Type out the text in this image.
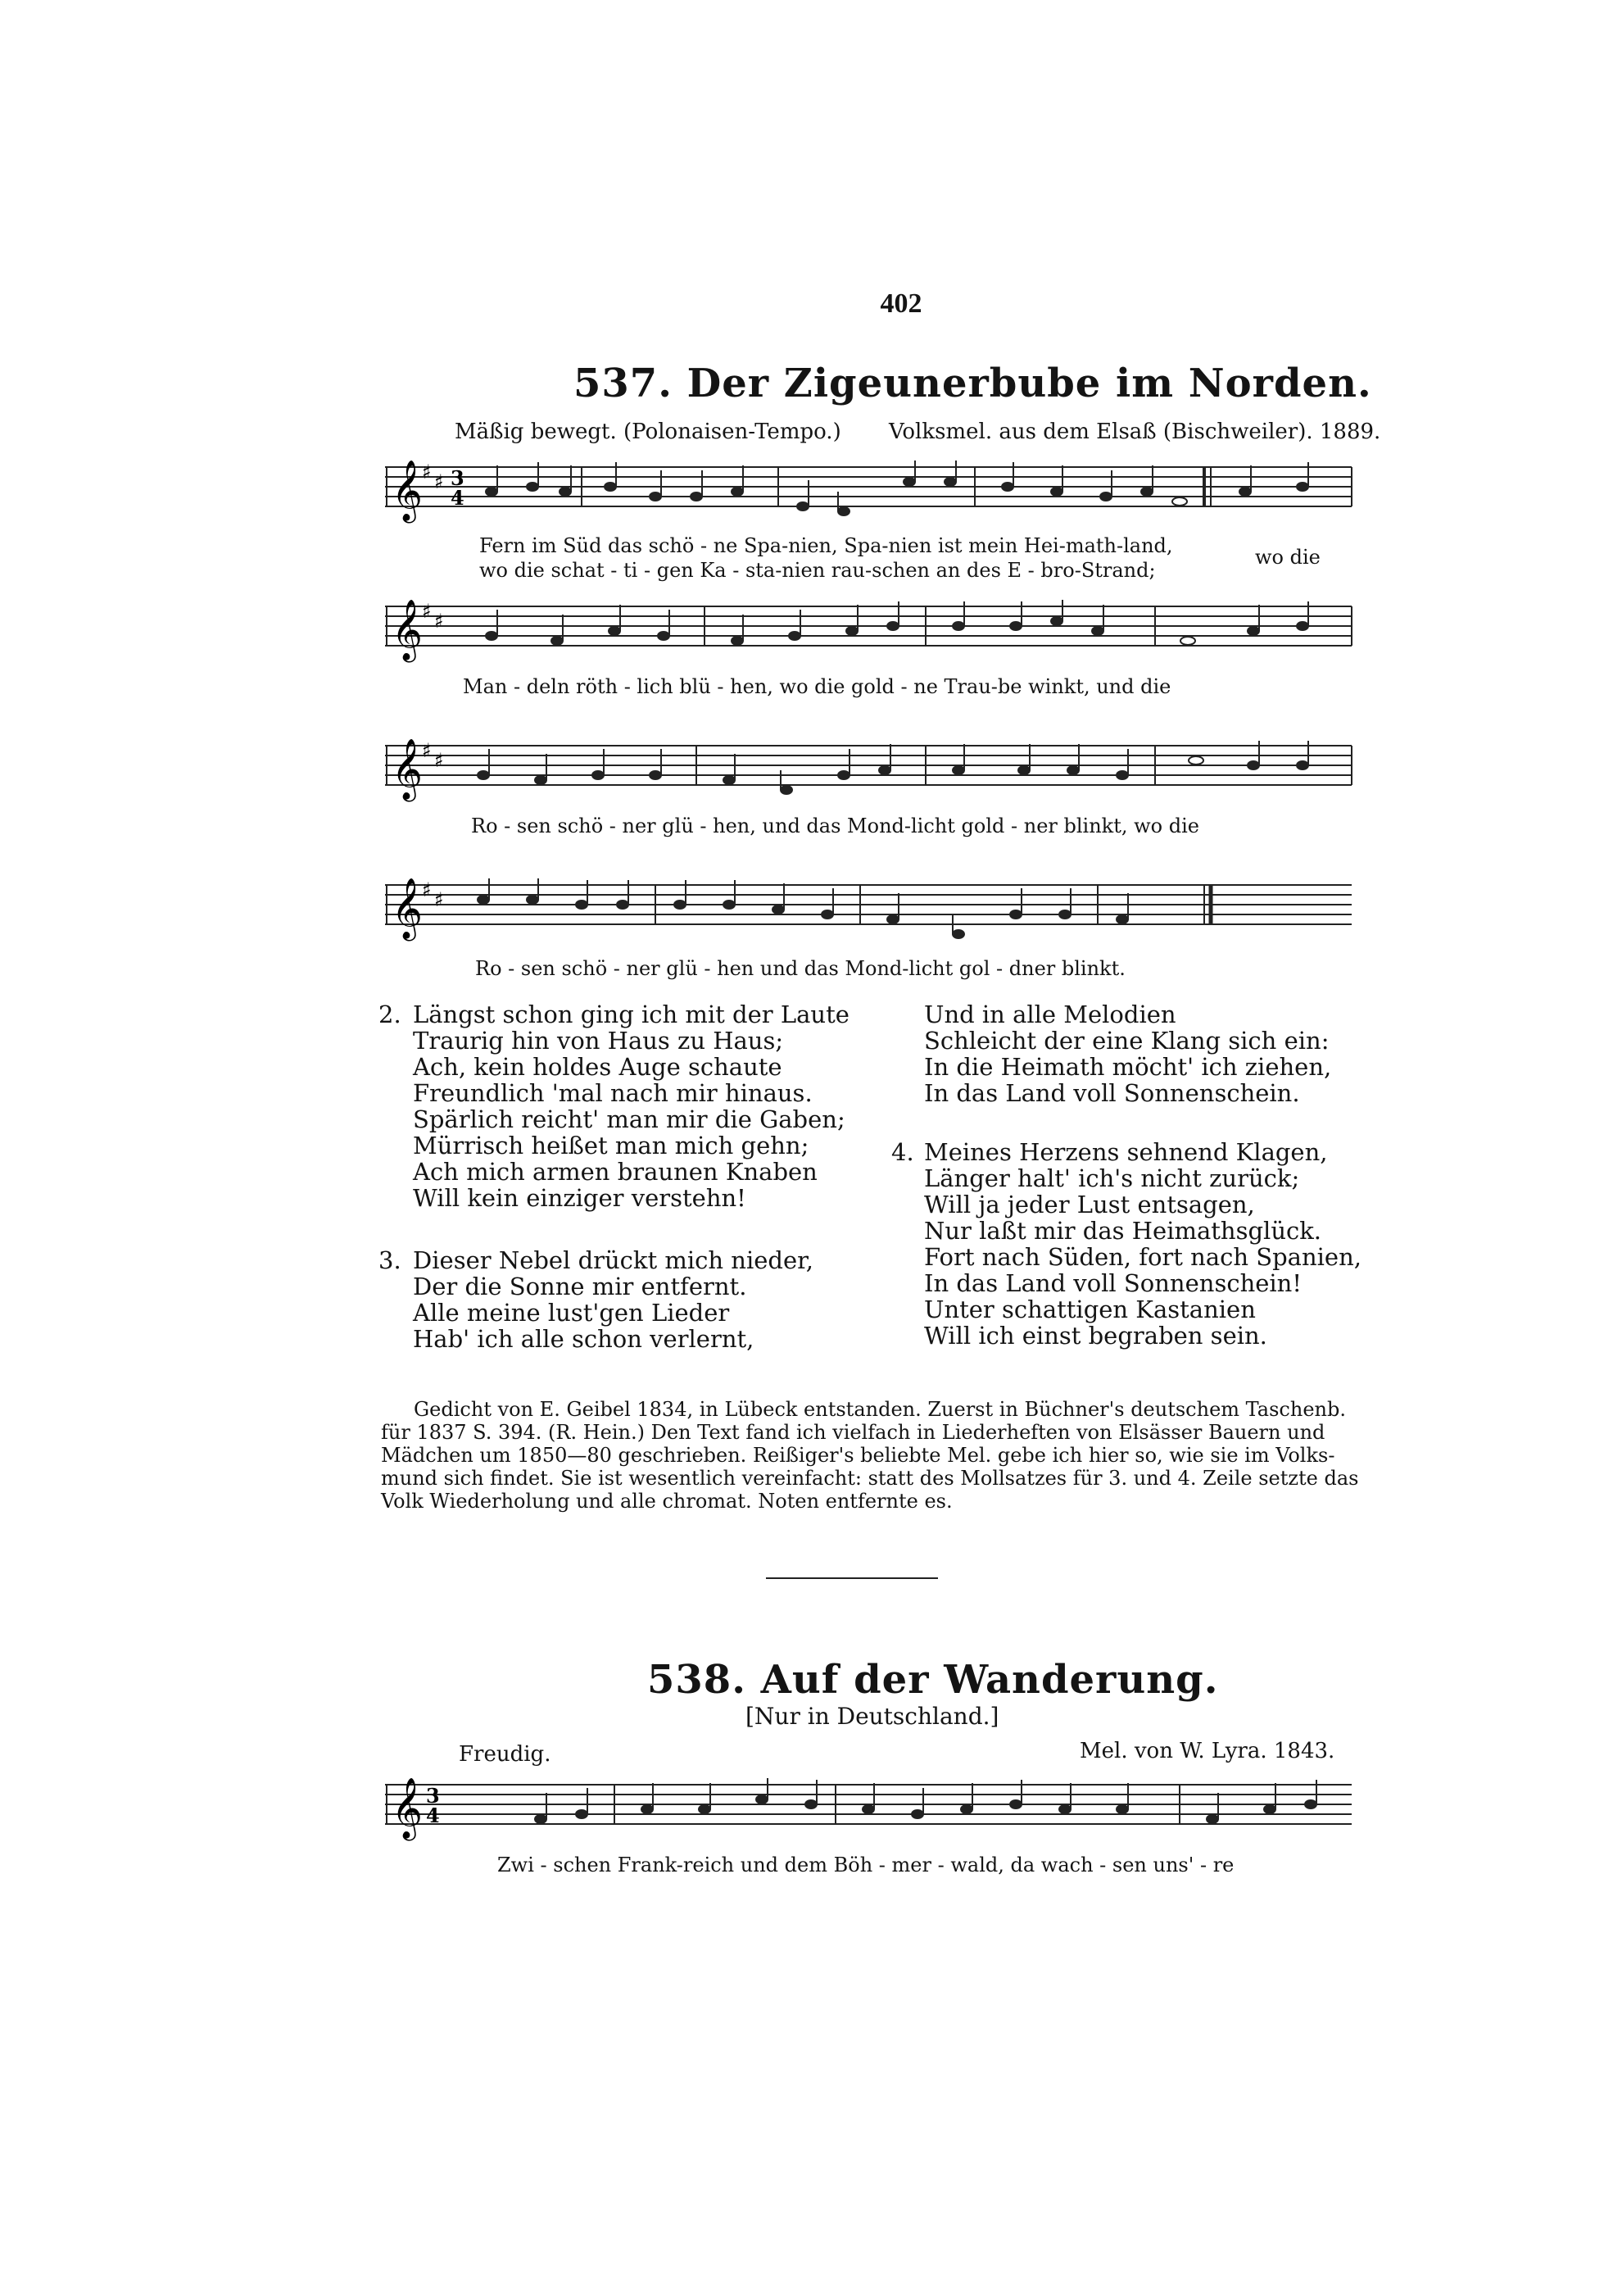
402
537. Der Zigeunerbube im Norden.
Mäßig bewegt. (Polonaisen-Tempo.) Volksmel. aus dem Elsaß (Bischweiler). 1889.
𝄞 ♯ ♯ 3
4
Fern im Süd das schö - ne Spa-nien, Spa-nien ist mein Hei-math-land,
wo die schat - ti - gen Ka - sta-nien rau-schen an des E - bro-Strand;
wo die
𝄞 ♯ ♯
Man - deln röth - lich blü - hen, wo die gold - ne Trau-be winkt, und die
𝄞 ♯ ♯
Ro - sen schö - ner glü - hen, und das Mond-licht gold - ner blinkt, wo die
𝄞 ♯ ♯
Ro - sen schö - ner glü - hen und das Mond-licht gol - dner blinkt.
2. Längst schon ging ich mit der Laute
Traurig hin von Haus zu Haus;
Ach, kein holdes Auge schaute
Freundlich 'mal nach mir hinaus.
Spärlich reicht' man mir die Gaben;
Mürrisch heißet man mich gehn;
Ach mich armen braunen Knaben
Will kein einziger verstehn!
3. Dieser Nebel drückt mich nieder,
Der die Sonne mir entfernt.
Alle meine lust'gen Lieder
Hab' ich alle schon verlernt,
Und in alle Melodien
Schleicht der eine Klang sich ein:
In die Heimath möcht' ich ziehen,
In das Land voll Sonnenschein.
4. Meines Herzens sehnend Klagen,
Länger halt' ich's nicht zurück;
Will ja jeder Lust entsagen,
Nur laßt mir das Heimathsglück.
Fort nach Süden, fort nach Spanien,
In das Land voll Sonnenschein!
Unter schattigen Kastanien
Will ich einst begraben sein.
Gedicht von E. Geibel 1834, in Lübeck entstanden. Zuerst in Büchner's deutschem Taschenb.
für 1837 S. 394. (R. Hein.) Den Text fand ich vielfach in Liederheften von Elsässer Bauern und
Mädchen um 1850—80 geschrieben. Reißiger's beliebte Mel. gebe ich hier so, wie sie im Volks-
mund sich findet. Sie ist wesentlich vereinfacht: statt des Mollsatzes für 3. und 4. Zeile setzte das
Volk Wiederholung und alle chromat. Noten entfernte es.
538. Auf der Wanderung.
[Nur in Deutschland.]
Freudig.	Mel. von W. Lyra. 1843.
𝄞 3
4
Zwi - schen Frank-reich und dem Böh - mer - wald, da wach - sen uns' - re
